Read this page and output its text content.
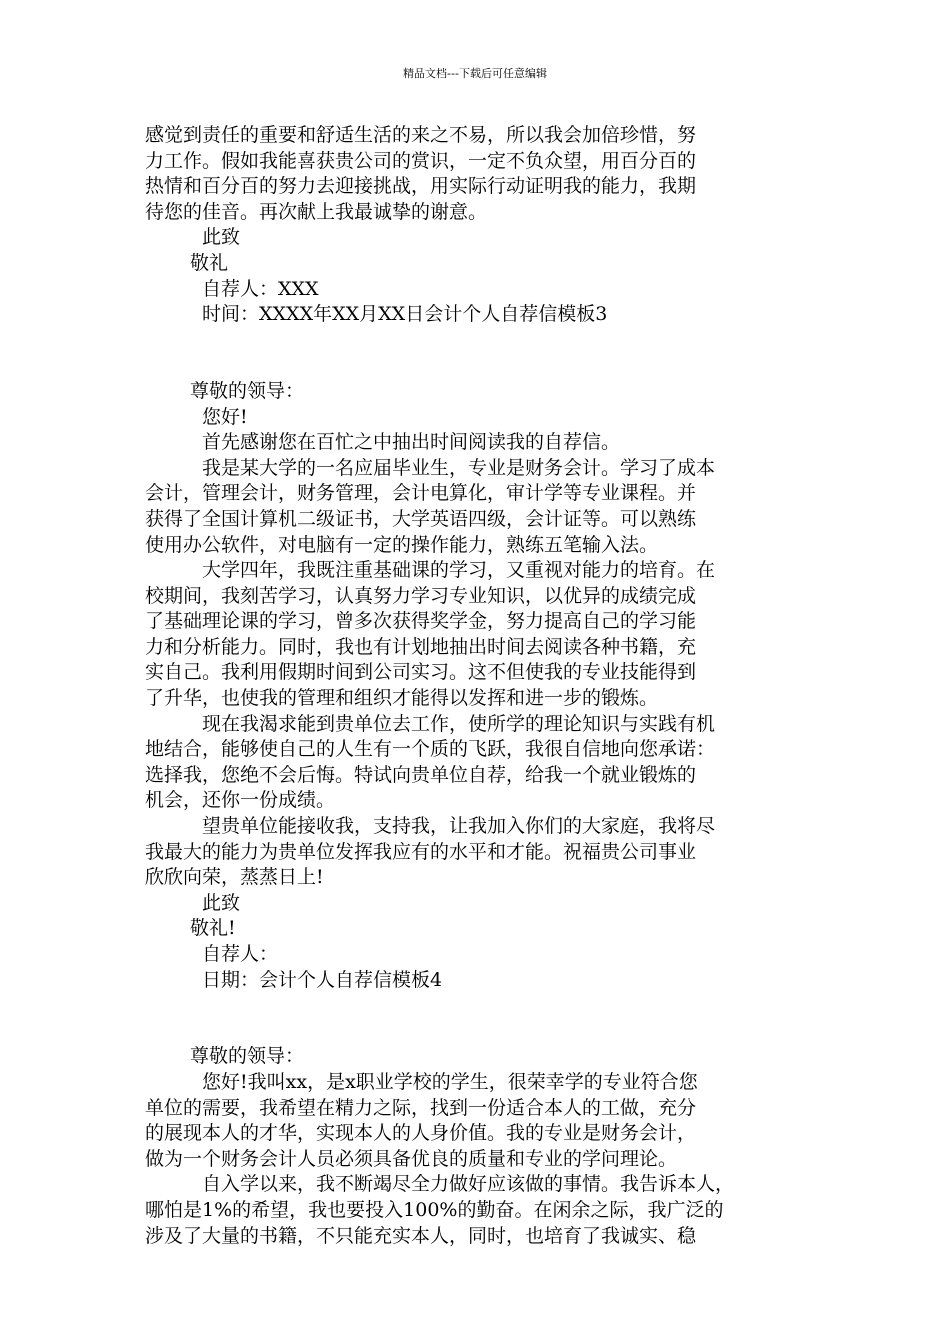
精品文档---下载后可任意编辑
感觉到责任的重要和舒适生活的来之不易，所以我会加倍珍惜，努
力工作。假如我能喜获贵公司的赏识，一定不负众望，用百分百的
热情和百分百的努力去迎接挑战，用实际行动证明我的能力，我期
待您的佳音。再次献上我最诚挚的谢意。
此致
敬礼
自荐人：XXX
时间：XXXX年XX月XX日会计个人自荐信模板3
尊敬的领导：
您好!
首先感谢您在百忙之中抽出时间阅读我的自荐信。
我是某大学的一名应届毕业生，专业是财务会计。学习了成本
会计，管理会计，财务管理，会计电算化，审计学等专业课程。并
获得了全国计算机二级证书，大学英语四级，会计证等。可以熟练
使用办公软件，对电脑有一定的操作能力，熟练五笔输入法。
大学四年，我既注重基础课的学习，又重视对能力的培育。在
校期间，我刻苦学习，认真努力学习专业知识，以优异的成绩完成
了基础理论课的学习，曾多次获得奖学金，努力提高自己的学习能
力和分析能力。同时，我也有计划地抽出时间去阅读各种书籍，充
实自己。我利用假期时间到公司实习。这不但使我的专业技能得到
了升华，也使我的管理和组织才能得以发挥和进一步的锻炼。
现在我渴求能到贵单位去工作，使所学的理论知识与实践有机
地结合，能够使自己的人生有一个质的飞跃，我很自信地向您承诺：
选择我，您绝不会后悔。特试向贵单位自荐，给我一个就业锻炼的
机会，还你一份成绩。
望贵单位能接收我，支持我，让我加入你们的大家庭，我将尽
我最大的能力为贵单位发挥我应有的水平和才能。祝福贵公司事业
欣欣向荣，蒸蒸日上!
此致
敬礼!
自荐人：
日期：会计个人自荐信模板4
尊敬的领导：
您好!我叫xx，是x职业学校的学生，很荣幸学的专业符合您
单位的需要，我希望在精力之际，找到一份适合本人的工做，充分
的展现本人的才华，实现本人的人身价值。我的专业是财务会计，
做为一个财务会计人员必须具备优良的质量和专业的学问理论。
自入学以来，我不断竭尽全力做好应该做的事情。我告诉本人，
哪怕是1%的希望，我也要投入100%的勤奋。在闲余之际，我广泛的
涉及了大量的书籍，不只能充实本人，同时，也培育了我诚实、稳
